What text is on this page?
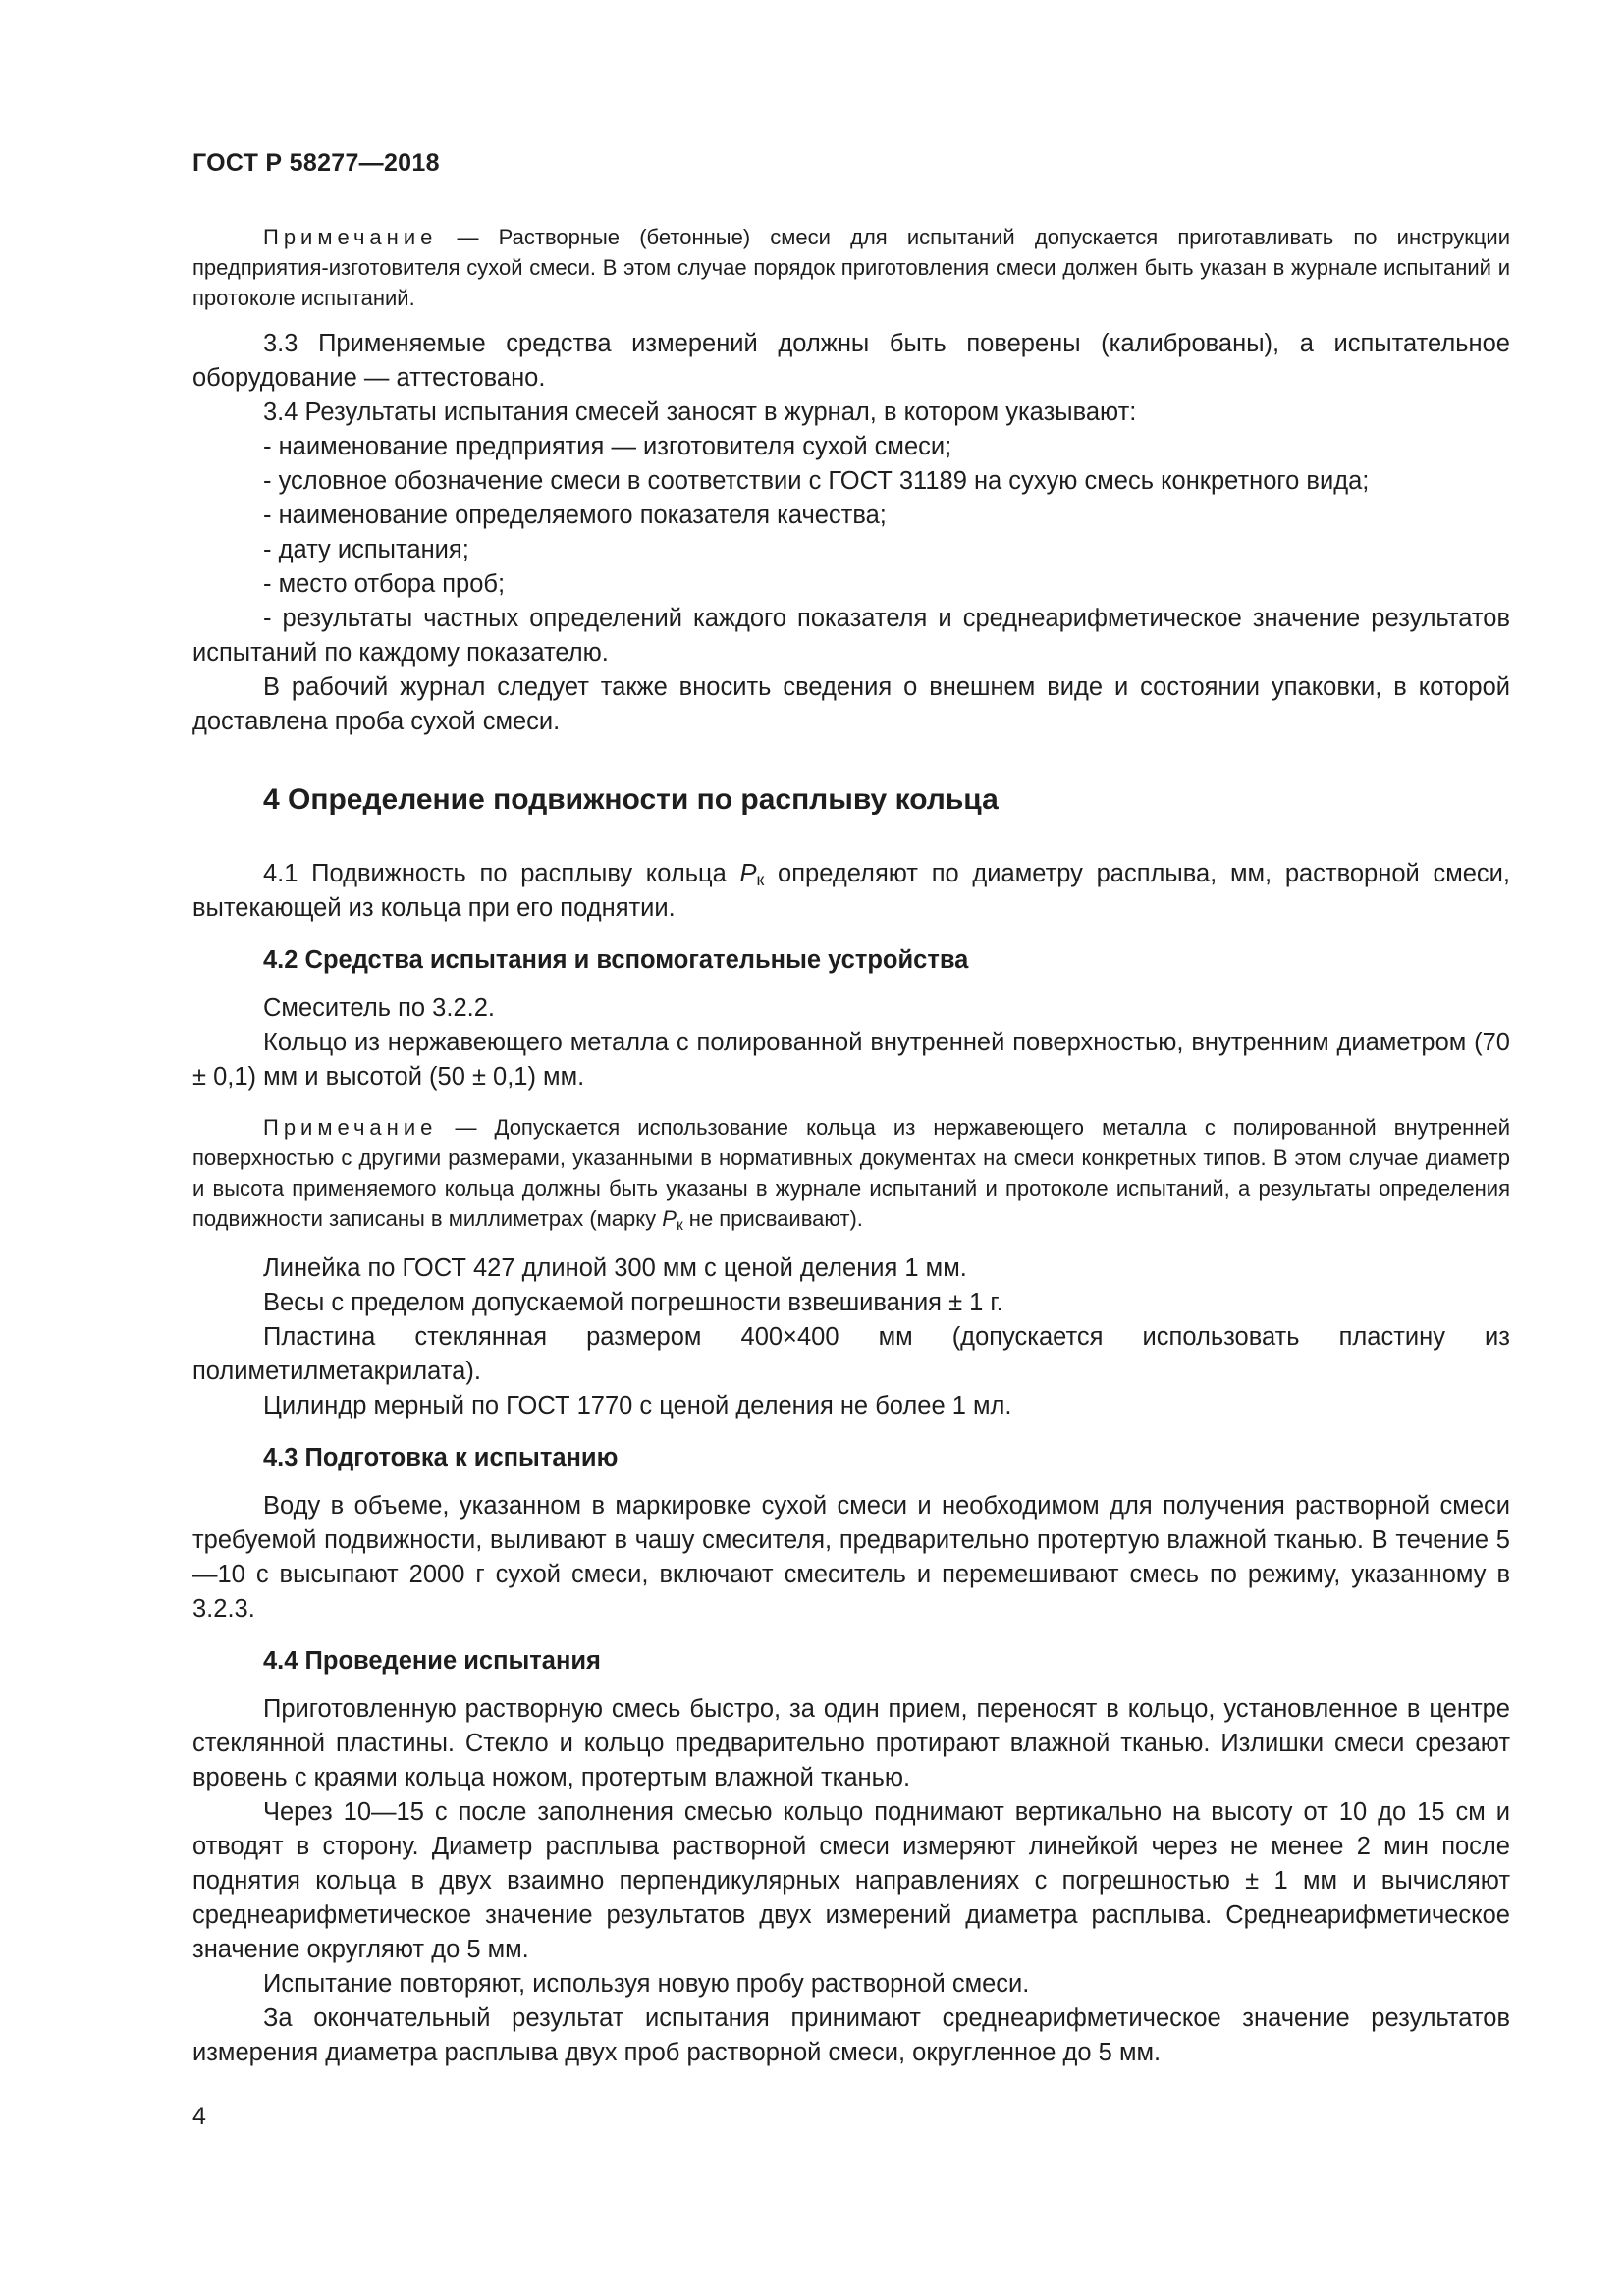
ГОСТ Р 58277—2018

Примечание — Растворные (бетонные) смеси для испытаний допускается приготавливать по инструкции предприятия-изготовителя сухой смеси. В этом случае порядок приготовления смеси должен быть указан в журнале испытаний и протоколе испытаний.

3.3 Применяемые средства измерений должны быть поверены (калиброваны), а испытательное оборудование — аттестовано.

3.4 Результаты испытания смесей заносят в журнал, в котором указывают:

- наименование предприятия — изготовителя сухой смеси;

- условное обозначение смеси в соответствии с ГОСТ 31189 на сухую смесь конкретного вида;

- наименование определяемого показателя качества;

- дату испытания;

- место отбора проб;

- результаты частных определений каждого показателя и среднеарифметическое значение результатов испытаний по каждому показателю.

В рабочий журнал следует также вносить сведения о внешнем виде и состоянии упаковки, в которой доставлена проба сухой смеси.

4 Определение подвижности по расплыву кольца

4.1 Подвижность по расплыву кольца $Р_к$ определяют по диаметру расплыва, мм, растворной смеси, вытекающей из кольца при его поднятии.

4.2 Средства испытания и вспомогательные устройства

Смеситель по 3.2.2.

Кольцо из нержавеющего металла с полированной внутренней поверхностью, внутренним диаметром (70 ± 0,1) мм и высотой (50 ± 0,1) мм.

Примечание — Допускается использование кольца из нержавеющего металла с полированной внутренней поверхностью с другими размерами, указанными в нормативных документах на смеси конкретных типов. В этом случае диаметр и высота применяемого кольца должны быть указаны в журнале испытаний и протоколе испытаний, а результаты определения подвижности записаны в миллиметрах (марку $Р_к$ не присваивают).

Линейка по ГОСТ 427 длиной 300 мм с ценой деления 1 мм.

Весы с пределом допускаемой погрешности взвешивания ± 1 г.

Пластина стеклянная размером 400×400 мм (допускается использовать пластину из полиметилметакрилата).

Цилиндр мерный по ГОСТ 1770 с ценой деления не более 1 мл.

4.3 Подготовка к испытанию

Воду в объеме, указанном в маркировке сухой смеси и необходимом для получения растворной смеси требуемой подвижности, выливают в чашу смесителя, предварительно протертую влажной тканью. В течение 5—10 с высыпают 2000 г сухой смеси, включают смеситель и перемешивают смесь по режиму, указанному в 3.2.3.

4.4 Проведение испытания

Приготовленную растворную смесь быстро, за один прием, переносят в кольцо, установленное в центре стеклянной пластины. Стекло и кольцо предварительно протирают влажной тканью. Излишки смеси срезают вровень с краями кольца ножом, протертым влажной тканью.

Через 10—15 с после заполнения смесью кольцо поднимают вертикально на высоту от 10 до 15 см и отводят в сторону. Диаметр расплыва растворной смеси измеряют линейкой через не менее 2 мин после поднятия кольца в двух взаимно перпендикулярных направлениях с погрешностью ± 1 мм и вычисляют среднеарифметическое значение результатов двух измерений диаметра расплыва. Среднеарифметическое значение округляют до 5 мм.

Испытание повторяют, используя новую пробу растворной смеси.

За окончательный результат испытания принимают среднеарифметическое значение результатов измерения диаметра расплыва двух проб растворной смеси, округленное до 5 мм.

4
